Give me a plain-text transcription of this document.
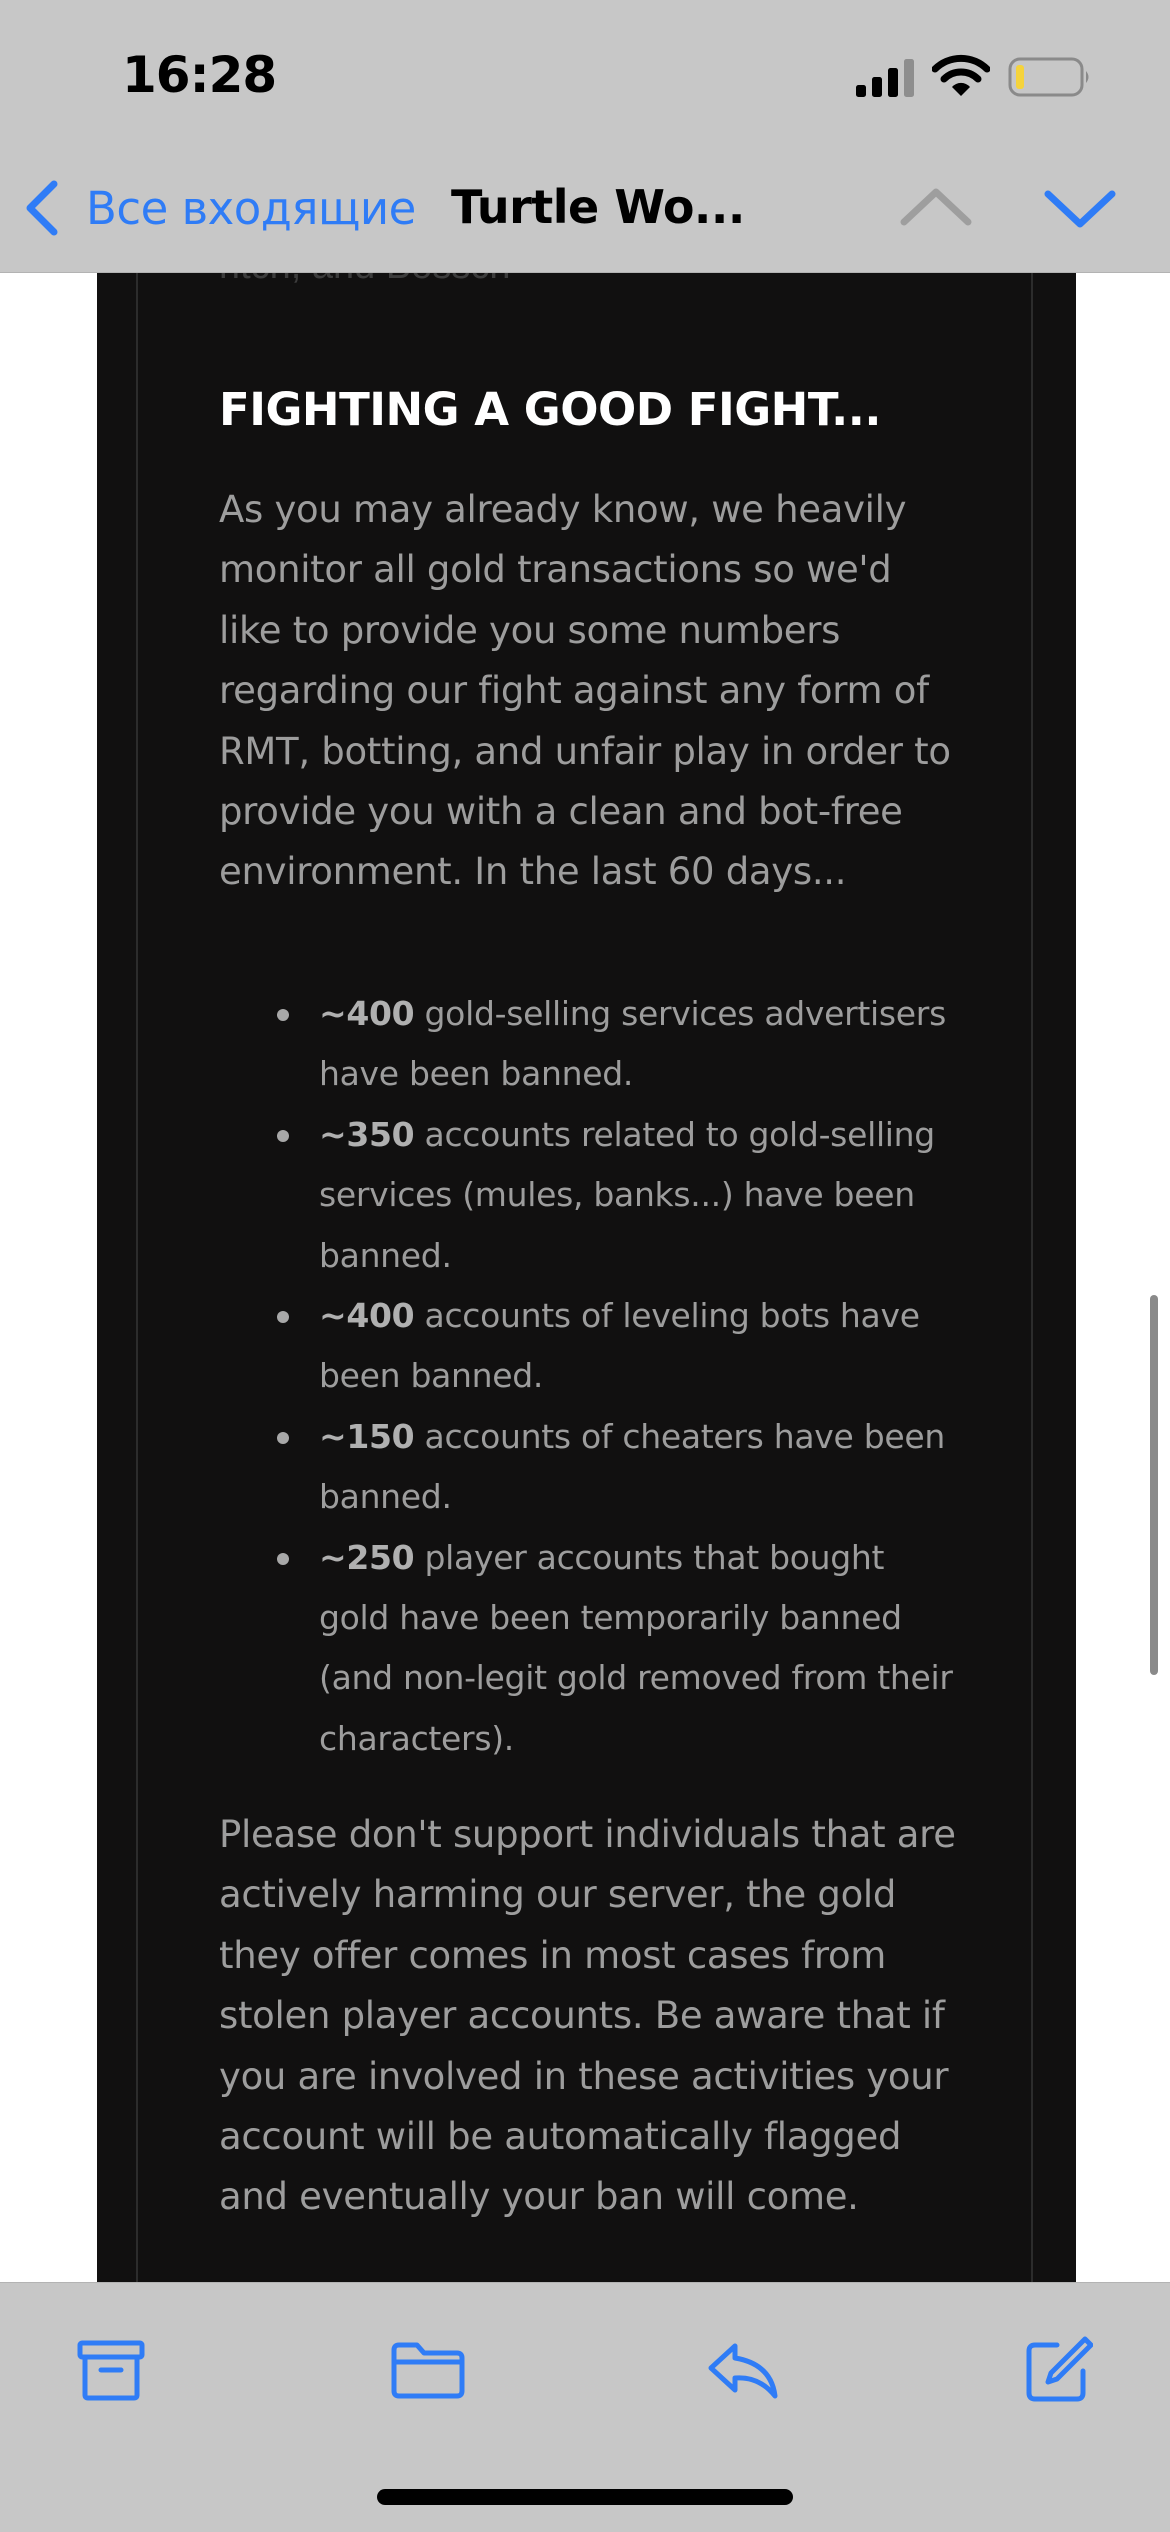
FIGHTING A GOOD FIGHT...

As you may already know, we heavily monitor all gold transactions so we'd like to provide you some numbers regarding our fight against any form of RMT, botting, and unfair play in order to provide you with a clean and bot-free environment. In the last 60 days...

~400 gold-selling services advertisers have been banned.
~350 accounts related to gold-selling services (mules, banks...) have been banned.
~400 accounts of leveling bots have been banned.
~150 accounts of cheaters have been banned.
~250 player accounts that bought gold have been temporarily banned (and non-legit gold removed from their characters).

Please don't support individuals that are actively harming our server, the gold they offer comes in most cases from stolen player accounts. Be aware that if you are involved in these activities your account will be automatically flagged and eventually your ban will come.

16:28
Все входящие Turtle Wo...
